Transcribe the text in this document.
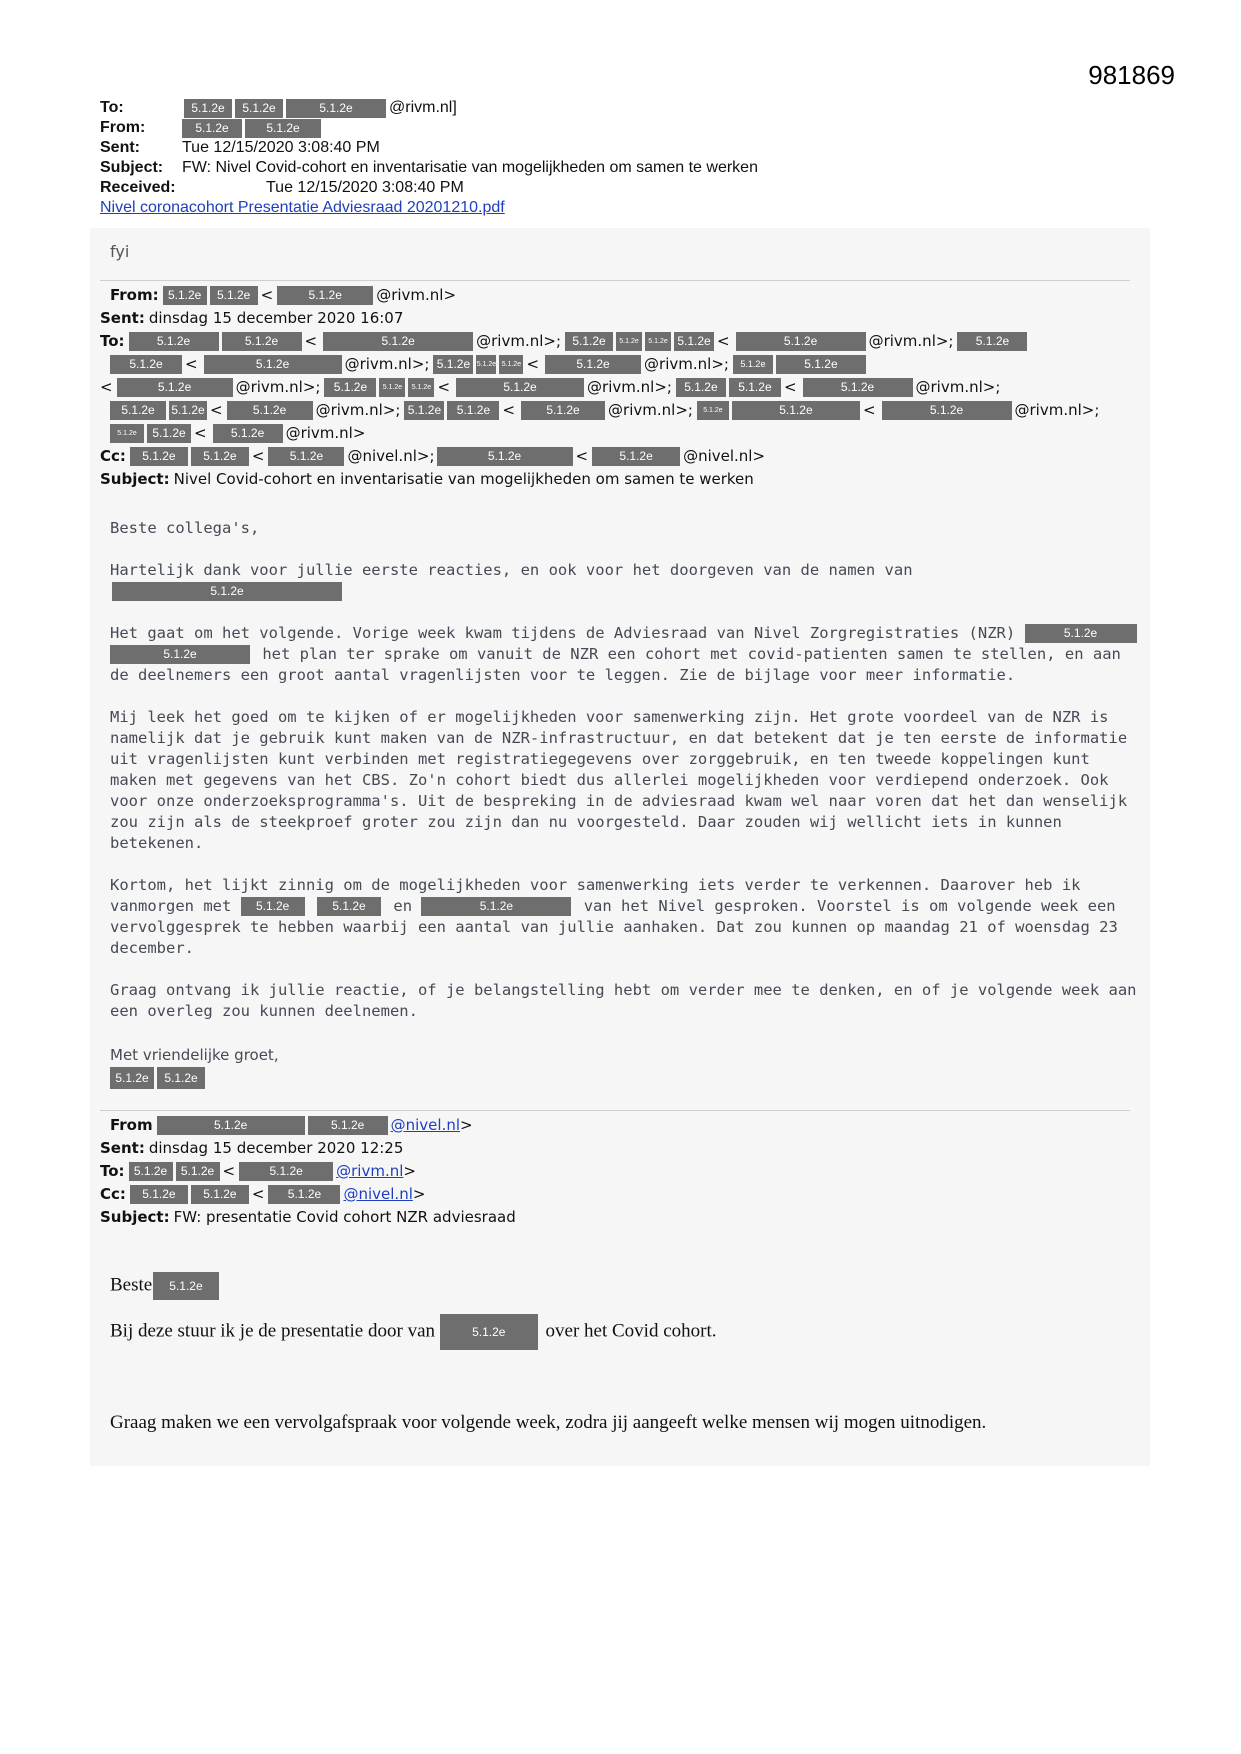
981869
To:	5.1.2e	5.1.2e	5.1.2e	@rivm.nl]
From:	5.1.2e	5.1.2e
Sent:	Tue 12/15/2020 3:08:40 PM
Subject:	FW: Nivel Covid-cohort en inventarisatie van mogelijkheden om samen te werken
Received:	Tue 12/15/2020 3:08:40 PM
Nivel coronacohort Presentatie Adviesraad 20201210.pdf
fyi
From: 5.1.2e	5.1.2e <	5.1.2e	@rivm.nl>
Sent: dinsdag 15 december 2020 16:07
To:	5.1.2e	5.1.2e	<	5.1.2e	@rivm.nl>; 5.1.2e	5.1.2e	5.1.2e 5.1.2e <	5.1.2e	@rivm.nl>;	5.1.2e
5.1.2e	<	5.1.2e	@rivm.nl>; 5.1.2e 5.1.2e 5.1.2e <	5.1.2e	@rivm.nl>;	5.1.2e	5.1.2e
<	5.1.2e	@rivm.nl>;	5.1.2e	5.1.2e	5.1.2e <	5.1.2e	@rivm.nl>;	5.1.2e	5.1.2e <	5.1.2e	@rivm.nl>;
5.1.2e	5.1.2e <	5.1.2e	@rivm.nl>; 5.1.2e	5.1.2e <	5.1.2e	@rivm.nl>;	5.1.2e	5.1.2e	<	5.1.2e	@rivm.nl>;
5.1.2e	5.1.2e <	5.1.2e	@rivm.nl>
Cc:	5.1.2e	5.1.2e	<	5.1.2e	@nivel.nl>;	5.1.2e	<	5.1.2e	@nivel.nl>
Subject: Nivel Covid-cohort en inventarisatie van mogelijkheden om samen te werken

Beste collega's,

Hartelijk dank voor jullie eerste reacties, en ook voor het doorgeven van de namen van 5.1.2e

Het gaat om het volgende. Vorige week kwam tijdens de Adviesraad van Nivel Zorgregistraties (NZR)	5.1.2e 5.1.2e	het plan ter sprake om vanuit de NZR een cohort met covid-patienten samen te stellen, en aan de deelnemers een groot aantal vragenlijsten voor te leggen. Zie de bijlage voor meer informatie.

Mij leek het goed om te kijken of er mogelijkheden voor samenwerking zijn. Het grote voordeel van de NZR is namelijk dat je gebruik kunt maken van de NZR-infrastructuur, en dat betekent dat je ten eerste de informatie uit vragenlijsten kunt verbinden met registratiegegevens over zorggebruik, en ten tweede koppelingen kunt maken met gegevens van het CBS. Zo'n cohort biedt dus allerlei mogelijkheden voor verdiepend onderzoek. Ook voor onze onderzoeksprogramma's. Uit de bespreking in de adviesraad kwam wel naar voren dat het dan wenselijk zou zijn als de steekproef groter zou zijn dan nu voorgesteld. Daar zouden wij wellicht iets in kunnen betekenen.

Kortom, het lijkt zinnig om de mogelijkheden voor samenwerking iets verder te verkennen. Daarover heb ik vanmorgen met 5.1.2e	5.1.2e en	5.1.2e	van het Nivel gesproken. Voorstel is om volgende week een vervolggesprek te hebben waarbij een aantal van jullie aanhaken. Dat zou kunnen op maandag 21 of woensdag 23 december.

Graag ontvang ik jullie reactie, of je belangstelling hebt om verder mee te denken, en of je volgende week aan een overleg zou kunnen deelnemen.

Met vriendelijke groet,
5.1.2e 5.1.2e
From	5.1.2e	5.1.2e	@nivel.nl >
Sent: dinsdag 15 december 2020 12:25
To: 5.1.2e	5.1.2e <	5.1.2e	@rivm.nl >
Cc:	5.1.2e	5.1.2e	<	5.1.2e	@nivel.nl >
Subject: FW: presentatie Covid cohort NZR adviesraad
Beste 5.1.2e
Bij deze stuur ik je de presentatie door van	5.1.2e over het Covid cohort.
Graag maken we een vervolgafspraak voor volgende week, zodra jij aangeeft welke mensen wij mogen uitnodigen.
